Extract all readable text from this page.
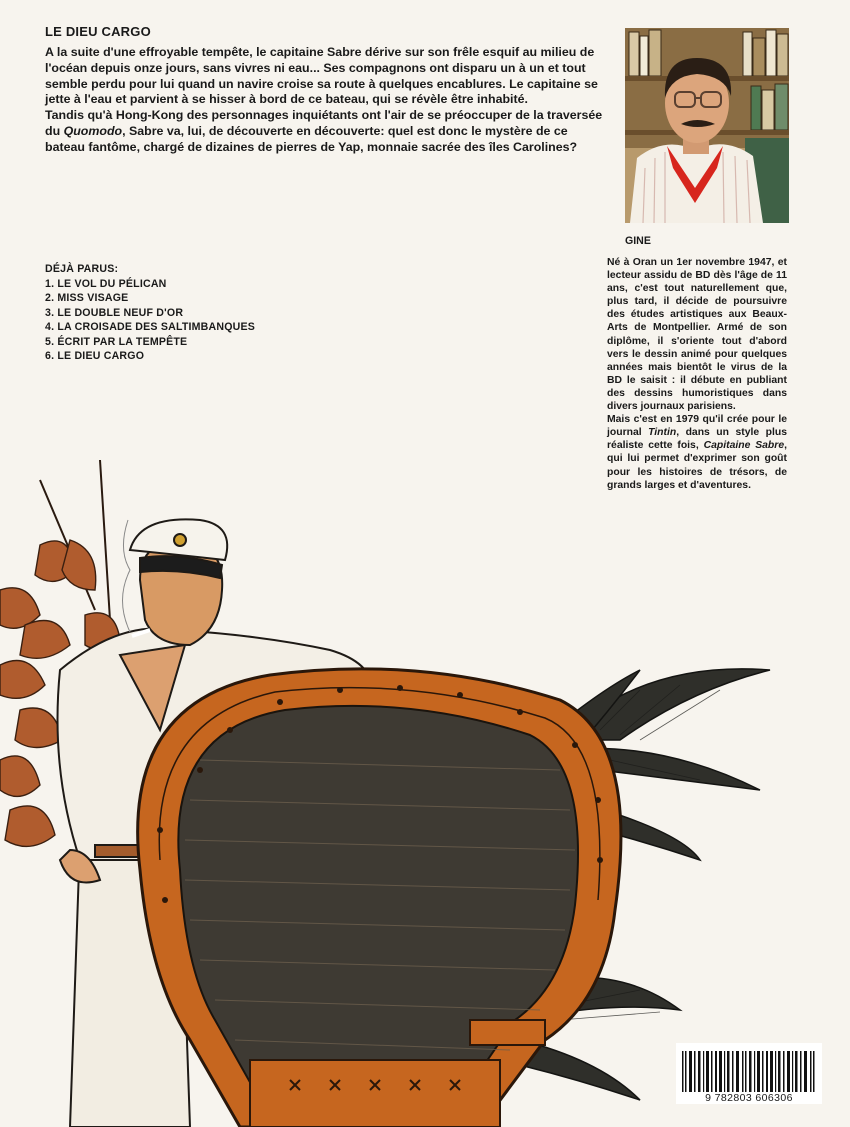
LE DIEU CARGO

A la suite d'une effroyable tempête, le capitaine Sabre dérive sur son frêle esquif au milieu de l'océan depuis onze jours, sans vivres ni eau... Ses compagnons ont disparu un à un et tout semble perdu pour lui quand un navire croise sa route à quelques encablures. Le capitaine se jette à l'eau et parvient à se hisser à bord de ce bateau, qui se révèle être inhabité.

Tandis qu'à Hong-Kong des personnages inquiétants ont l'air de se préoccuper de la traversée du Quomodo, Sabre va, lui, de découverte en découverte: quel est donc le mystère de ce bateau fantôme, chargé de dizaines de pierres de Yap, monnaie sacrée des îles Carolines?

DÉJÀ PARUS:
1. LE VOL DU PÉLICAN
2. MISS VISAGE
3. LE DOUBLE NEUF D'OR
4. LA CROISADE DES SALTIMBANQUES
5. ÉCRIT PAR LA TEMPÊTE
6. LE DIEU CARGO
GINE

Né à Oran un 1er novembre 1947, et lecteur assidu de BD dès l'âge de 11 ans, c'est tout naturellement que, plus tard, il décide de poursuivre des études artistiques aux Beaux-Arts de Montpellier. Armé de son diplôme, il s'oriente tout d'abord vers le dessin animé pour quelques années mais bientôt le virus de la BD le saisit : il débute en publiant des dessins humoristiques dans divers journaux parisiens.

Mais c'est en 1979 qu'il crée pour le journal Tintin, dans un style plus réaliste cette fois, Capitaine Sabre, qui lui permet d'exprimer son goût pour les histoires de trésors, de grands larges et d'aventures.

9 782803 606306
